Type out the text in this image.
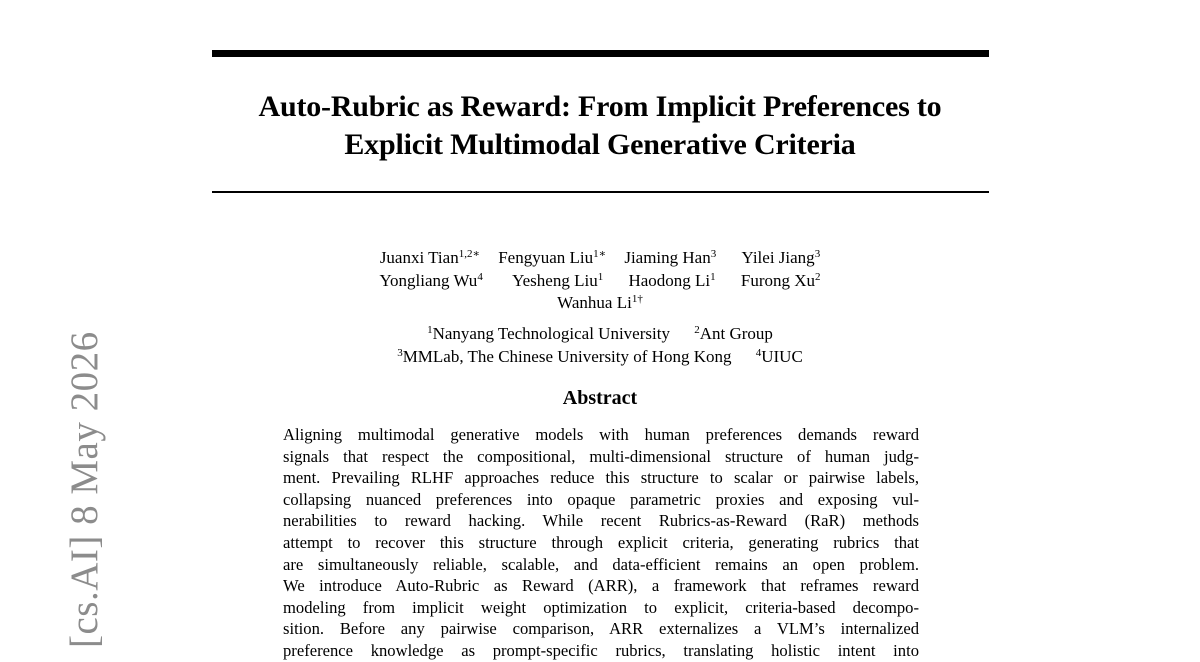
Auto-Rubric as Reward: From Implicit Preferences to
Explicit Multimodal Generative Criteria
Juanxi Tian$^{1,2∗}$ Fengyuan Liu$^{1∗}$ Jiaming Han$^3$ Yilei Jiang$^3$
Yongliang Wu$^4$ Yesheng Liu$^1$ Haodong Li$^1$ Furong Xu$^2$
Wanhua $Li^{1\dagger}$
$^1$Nanyang Technological University $^2$Ant Group
$^3$MMLab, The Chinese University of Hong Kong $^4$UIUC
Abstract
Aligning multimodal generative models with human preferences demands reward
signals that respect the compositional, multi-dimensional structure of human judg-
ment. Prevailing RLHF approaches reduce this structure to scalar or pairwise labels,
collapsing nuanced preferences into opaque parametric proxies and exposing vul-
nerabilities to reward hacking. While recent Rubrics-as-Reward (RaR) methods
attempt to recover this structure through explicit criteria, generating rubrics that
are simultaneously reliable, scalable, and data-efficient remains an open problem.
We introduce Auto-Rubric as Reward (ARR), a framework that reframes reward
modeling from implicit weight optimization to explicit, criteria-based decompo-
sition. Before any pairwise comparison, ARR externalizes a VLM’s internalized
preference knowledge as prompt-specific rubrics, translating holistic intent into
[cs.AI] 8 May 2026
